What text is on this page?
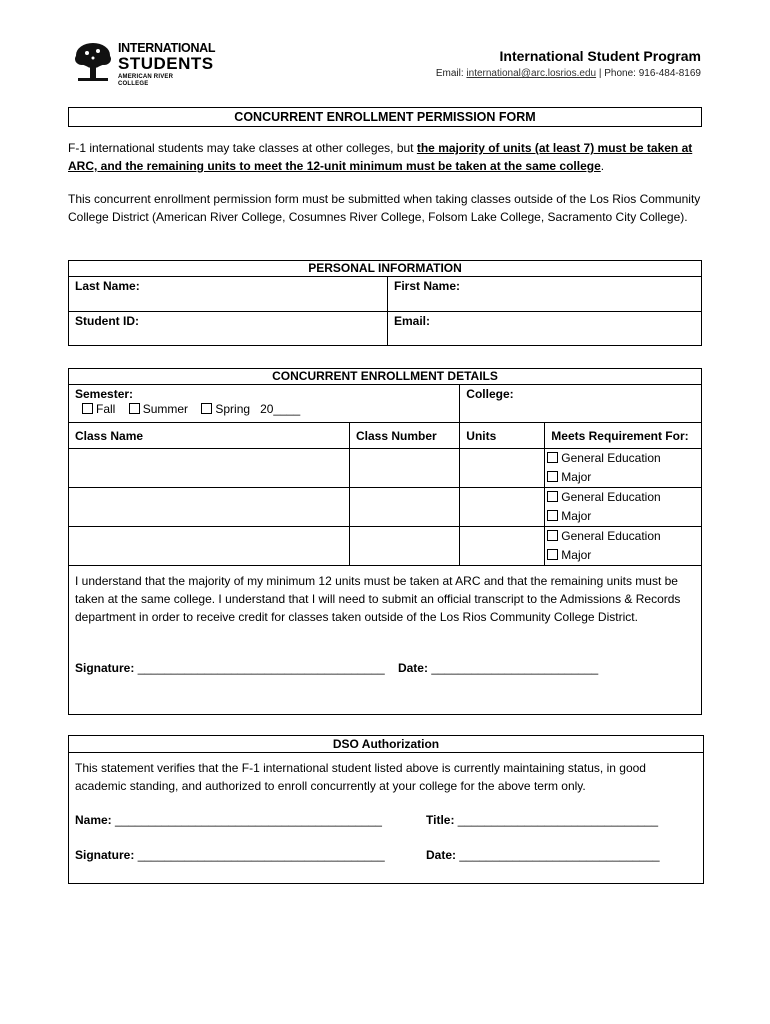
INTERNATIONAL
STUDENTS
AMERICAN RIVER COLLEGE
International Student Program
Email: international@arc.losrios.edu | Phone: 916-484-8169
CONCURRENT ENROLLMENT PERMISSION FORM
F-1 international students may take classes at other colleges, but the majority of units (at least 7) must be taken at ARC, and the remaining units to meet the 12-unit minimum must be taken at the same college.
This concurrent enrollment permission form must be submitted when taking classes outside of the Los Rios Community College District (American River College, Cosumnes River College, Folsom Lake College, Sacramento City College).
PERSONAL INFORMATION	
Last Name:	First Name:
Student ID:	Email:
CONCURRENT ENROLLMENT DETAILS			

Semester:
Fall Summer Spring 20____		College:	
Class Name	Class Number	Units	Meets Requirement For:

			General Education
Major

			General Education
Major

			General Education
Major

I understand that the majority of my minimum 12 units must be taken at ARC and that the remaining units must be taken at the same college. I understand that I will need to submit an official transcript to the Admissions & Records department in order to receive credit for classes taken outside of the Los Rios Community College District.
Signature: _____________________________________ Date: _________________________			
DSO Authorization
This statement verifies that the F-1 international student listed above is currently maintaining status, in good academic standing, and authorized to enroll concurrently at your college for the above term only.
Name: ________________________________________	Title: ______________________________
Signature: _____________________________________	Date: ______________________________
